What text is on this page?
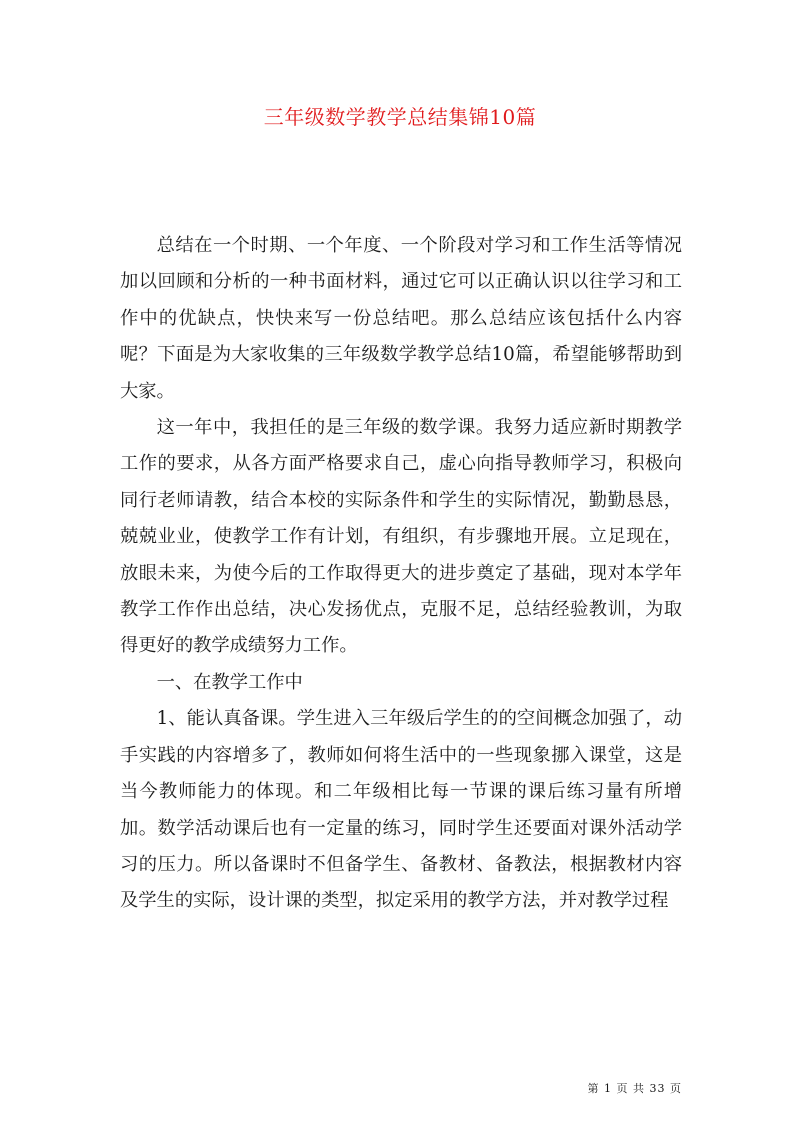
三年级数学教学总结集锦10篇

总结在一个时期、一个年度、一个阶段对学习和工作生活等情况加以回顾和分析的一种书面材料，通过它可以正确认识以往学习和工作中的优缺点，快快来写一份总结吧。那么总结应该包括什么内容呢？下面是为大家收集的三年级数学教学总结10篇，希望能够帮助到大家。

这一年中，我担任的是三年级的数学课。我努力适应新时期教学工作的要求，从各方面严格要求自己，虚心向指导教师学习，积极向同行老师请教，结合本校的实际条件和学生的实际情况，勤勤恳恳，兢兢业业，使教学工作有计划，有组织，有步骤地开展。立足现在，放眼未来，为使今后的工作取得更大的进步奠定了基础，现对本学年教学工作作出总结，决心发扬优点，克服不足，总结经验教训，为取得更好的教学成绩努力工作。

一、在教学工作中

1、能认真备课。学生进入三年级后学生的的空间概念加强了，动手实践的内容增多了，教师如何将生活中的一些现象挪入课堂，这是当今教师能力的体现。和二年级相比每一节课的课后练习量有所增加。数学活动课后也有一定量的练习，同时学生还要面对课外活动学习的压力。所以备课时不但备学生、备教材、备教法，根据教材内容及学生的实际，设计课的类型，拟定采用的教学方法，并对教学过程

第 1 页 共 33 页
